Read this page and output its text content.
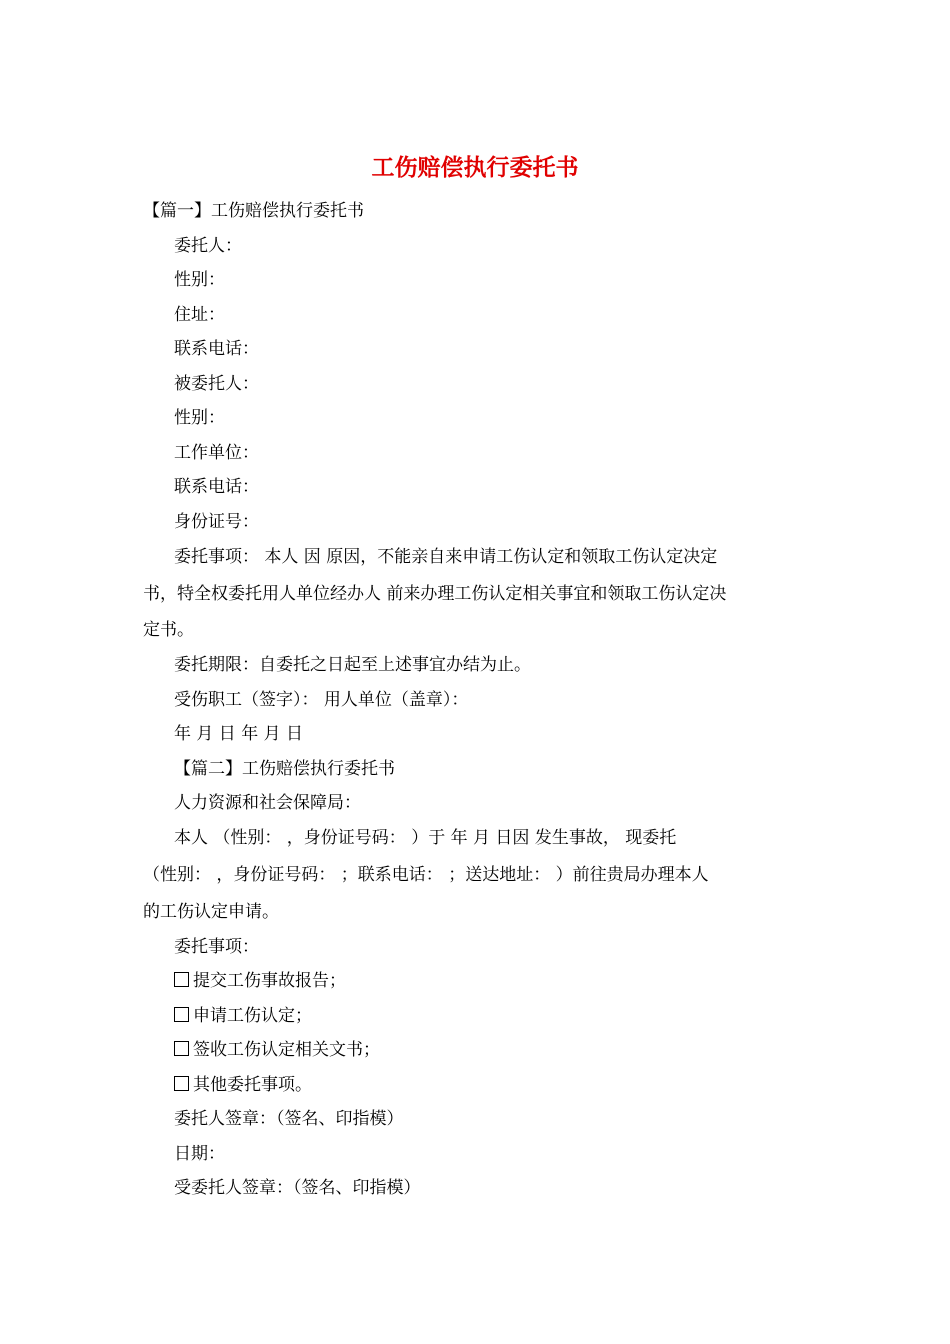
工伤赔偿执行委托书
【篇一】工伤赔偿执行委托书
委托人：
性别：
住址：
联系电话：
被委托人：
性别：
工作单位：
联系电话：
身份证号：
委托事项： 本人 因 原因，不能亲自来申请工伤认定和领取工伤认定决定
书，特全权委托用人单位经办人 前来办理工伤认定相关事宜和领取工伤认定决
定书。
委托期限：自委托之日起至上述事宜办结为止。
受伤职工（签字）： 用人单位（盖章）：
年 月 日 年 月 日
【篇二】工伤赔偿执行委托书
人力资源和社会保障局：
本人 （性别： ，身份证号码： ）于 年 月 日因 发生事故， 现委托
（性别： ，身份证号码： ；联系电话： ；送达地址： ）前往贵局办理本人
的工伤认定申请。
委托事项：
提交工伤事故报告；
申请工伤认定；
签收工伤认定相关文书；
其他委托事项。
委托人签章：（签名、印指模）
日期：
受委托人签章：（签名、印指模）
